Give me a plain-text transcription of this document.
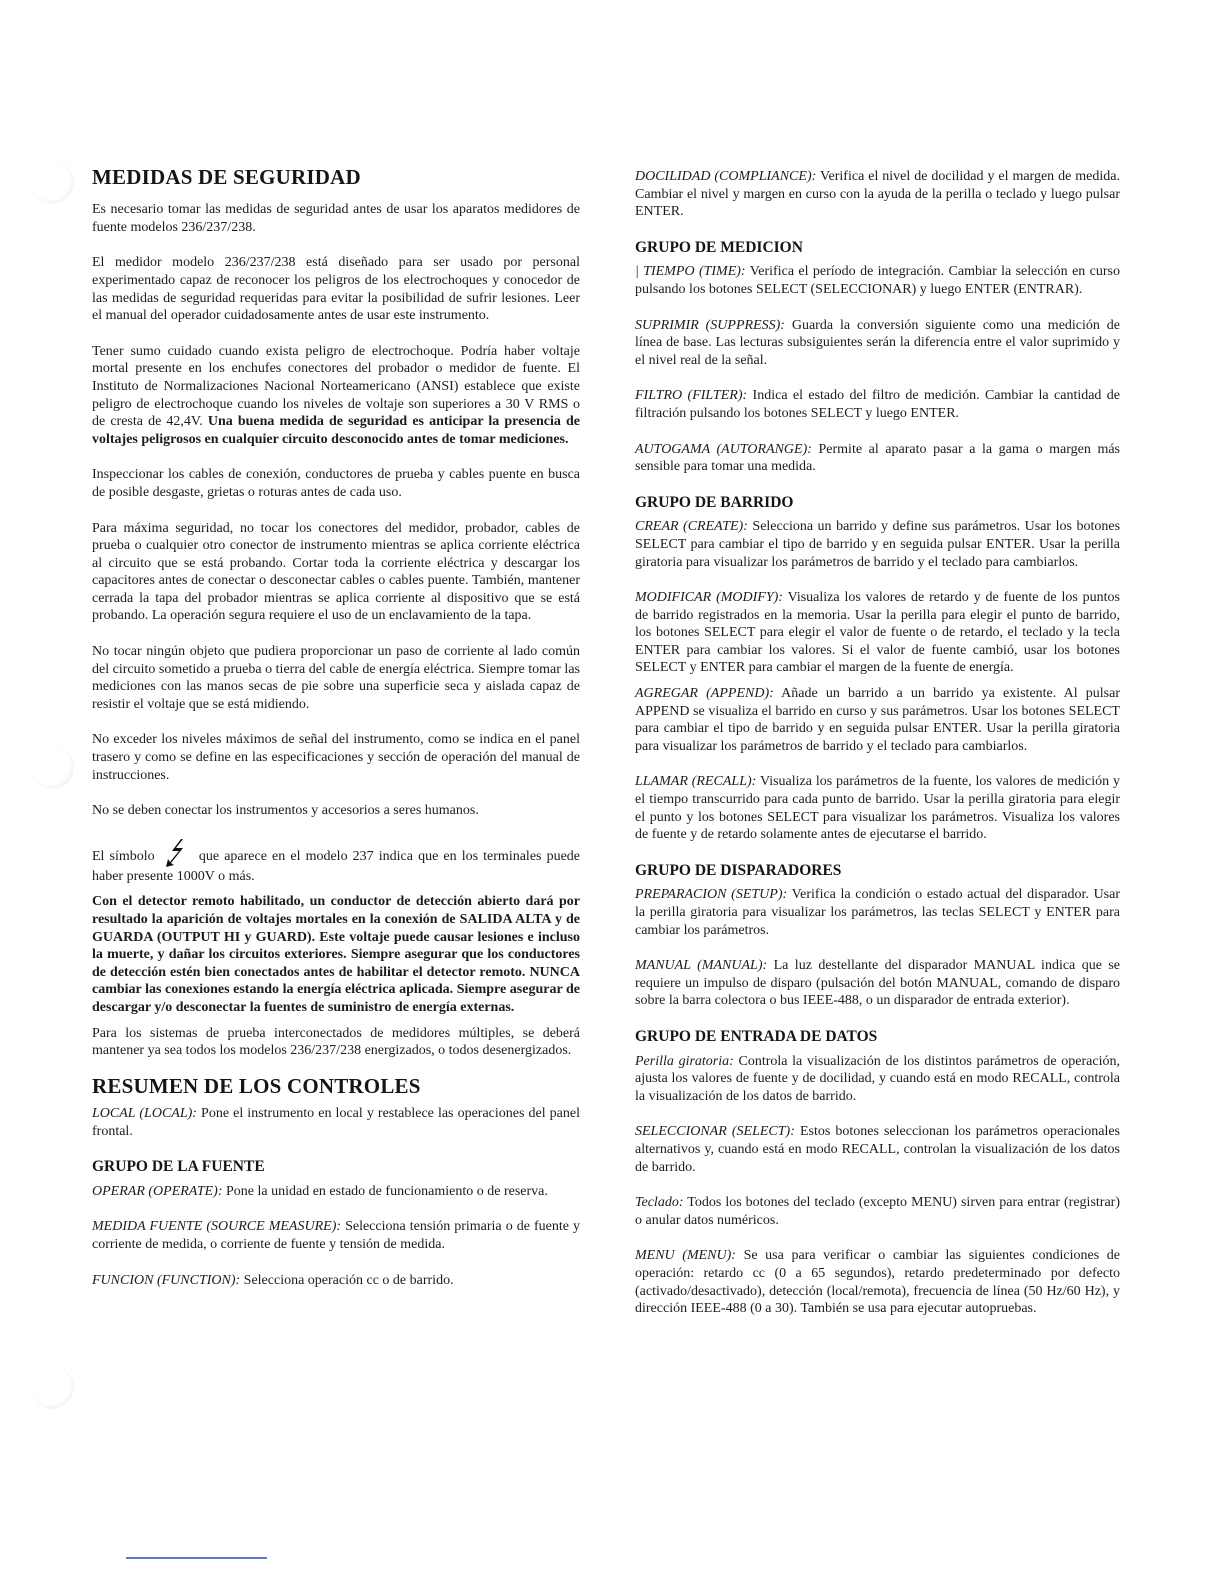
MEDIDAS DE SEGURIDAD

Es necesario tomar las medidas de seguridad antes de usar los aparatos medidores de fuente modelos 236/237/238.

El medidor modelo 236/237/238 está diseñado para ser usado por personal experimentado capaz de reconocer los peligros de los electrochoques y conocedor de las medidas de seguridad requeridas para evitar la posibilidad de sufrir lesiones. Leer el manual del operador cuidadosamente antes de usar este instrumento.

Tener sumo cuidado cuando exista peligro de electrochoque. Podría haber voltaje mortal presente en los enchufes conectores del probador o medidor de fuente. El Instituto de Normalizaciones Nacional Norteamericano (ANSI) establece que existe peligro de electrochoque cuando los niveles de voltaje son superiores a 30 V RMS o de cresta de 42,4V. Una buena medida de seguridad es anticipar la presencia de voltajes peligrosos en cualquier circuito desconocido antes de tomar mediciones.

Inspeccionar los cables de conexión, conductores de prueba y cables puente en busca de posible desgaste, grietas o roturas antes de cada uso.

Para máxima seguridad, no tocar los conectores del medidor, probador, cables de prueba o cualquier otro conector de instrumento mientras se aplica corriente eléctrica al circuito que se está probando. Cortar toda la corriente eléctrica y descargar los capacitores antes de conectar o desconectar cables o cables puente. También, mantener cerrada la tapa del probador mientras se aplica corriente al dispositivo que se está probando. La operación segura requiere el uso de un enclavamiento de la tapa.

No tocar ningún objeto que pudiera proporcionar un paso de corriente al lado común del circuito sometido a prueba o tierra del cable de energía eléctrica. Siempre tomar las mediciones con las manos secas de pie sobre una superficie seca y aislada capaz de resistir el voltaje que se está midiendo.

No exceder los niveles máximos de señal del instrumento, como se indica en el panel trasero y como se define en las especificaciones y sección de operación del manual de instrucciones.

No se deben conectar los instrumentos y accesorios a seres humanos.

El símbolo	que aparece en el modelo 237 indica que en los terminales puede haber presente 1000V o más.

Con el detector remoto habilitado, un conductor de detección abierto dará por resultado la aparición de voltajes mortales en la conexión de SALIDA ALTA y de GUARDA (OUTPUT HI y GUARD). Este voltaje puede causar lesiones e incluso la muerte, y dañar los circuitos exteriores. Siempre asegurar que los conductores de detección estén bien conectados antes de habilitar el detector remoto. NUNCA cambiar las conexiones estando la energía eléctrica aplicada. Siempre asegurar de descargar y/o desconectar la fuentes de suministro de energía externas.

Para los sistemas de prueba interconectados de medidores múltiples, se deberá mantener ya sea todos los modelos 236/237/238 energizados, o todos desenergizados.

RESUMEN DE LOS CONTROLES

LOCAL (LOCAL): Pone el instrumento en local y restablece las operaciones del panel frontal.

GRUPO DE LA FUENTE

OPERAR (OPERATE): Pone la unidad en estado de funcionamiento o de reserva.

MEDIDA FUENTE (SOURCE MEASURE): Selecciona tensión primaria o de fuente y corriente de medida, o corriente de fuente y tensión de medida.

FUNCION (FUNCTION): Selecciona operación cc o de barrido.

DOCILIDAD (COMPLIANCE): Verifica el nivel de docilidad y el margen de medida. Cambiar el nivel y margen en curso con la ayuda de la perilla o teclado y luego pulsar ENTER.

GRUPO DE MEDICION

| TIEMPO (TIME): Verifica el período de integración. Cambiar la selección en curso pulsando los botones SELECT (SELECCIONAR) y luego ENTER (ENTRAR).

SUPRIMIR (SUPPRESS): Guarda la conversión siguiente como una medición de línea de base. Las lecturas subsiguientes serán la diferencia entre el valor suprimido y el nivel real de la señal.

FILTRO (FILTER): Indica el estado del filtro de medición. Cambiar la cantidad de filtración pulsando los botones SELECT y luego ENTER.

AUTOGAMA (AUTORANGE): Permite al aparato pasar a la gama o margen más sensible para tomar una medida.

GRUPO DE BARRIDO

CREAR (CREATE): Selecciona un barrido y define sus parámetros. Usar los botones SELECT para cambiar el tipo de barrido y en seguida pulsar ENTER. Usar la perilla giratoria para visualizar los parámetros de barrido y el teclado para cambiarlos.

MODIFICAR (MODIFY): Visualiza los valores de retardo y de fuente de los puntos de barrido registrados en la memoria. Usar la perilla para elegir el punto de barrido, los botones SELECT para elegir el valor de fuente o de retardo, el teclado y la tecla ENTER para cambiar los valores. Si el valor de fuente cambió, usar los botones SELECT y ENTER para cambiar el margen de la fuente de energía.

AGREGAR (APPEND): Añade un barrido a un barrido ya existente. Al pulsar APPEND se visualiza el barrido en curso y sus parámetros. Usar los botones SELECT para cambiar el tipo de barrido y en seguida pulsar ENTER. Usar la perilla giratoria para visualizar los parámetros de barrido y el teclado para cambiarlos.

LLAMAR (RECALL): Visualiza los parámetros de la fuente, los valores de medición y el tiempo transcurrido para cada punto de barrido. Usar la perilla giratoria para elegir el punto y los botones SELECT para visualizar los parámetros. Visualiza los valores de fuente y de retardo solamente antes de ejecutarse el barrido.

GRUPO DE DISPARADORES

PREPARACION (SETUP): Verifica la condición o estado actual del disparador. Usar la perilla giratoria para visualizar los parámetros, las teclas SELECT y ENTER para cambiar los parámetros.

MANUAL (MANUAL): La luz destellante del disparador MANUAL indica que se requiere un impulso de disparo (pulsación del botón MANUAL, comando de disparo sobre la barra colectora o bus IEEE-488, o un disparador de entrada exterior).

GRUPO DE ENTRADA DE DATOS

Perilla giratoria: Controla la visualización de los distintos parámetros de operación, ajusta los valores de fuente y de docilidad, y cuando está en modo RECALL, controla la visualización de los datos de barrido.

SELECCIONAR (SELECT): Estos botones seleccionan los parámetros operacionales alternativos y, cuando está en modo RECALL, controlan la visualización de los datos de barrido.

Teclado: Todos los botones del teclado (excepto MENU) sirven para entrar (registrar) o anular datos numéricos.

MENU (MENU): Se usa para verificar o cambiar las siguientes condiciones de operación: retardo cc (0 a 65 segundos), retardo predeterminado por defecto (activado/desactivado), detección (local/remota), frecuencia de línea (50 Hz/60 Hz), y dirección IEEE-488 (0 a 30). También se usa para ejecutar autopruebas.
